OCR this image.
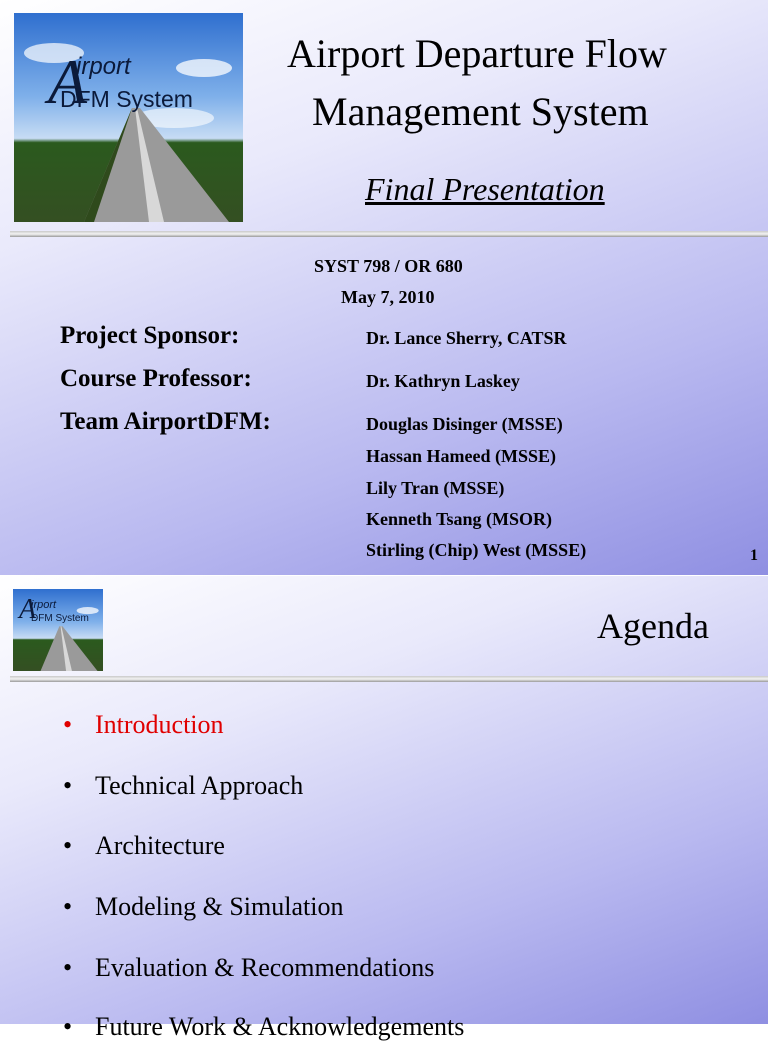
A
irport
DFM System
Airport Departure Flow
Management System
Final Presentation
SYST 798 / OR 680
May 7, 2010
Project Sponsor:	Dr. Lance Sherry, CATSR
Course Professor:	Dr. Kathryn Laskey
Team AirportDFM:	Douglas Disinger (MSSE)
Hassan Hameed (MSSE)
Lily Tran (MSSE)
Kenneth Tsang (MSOR)
Stirling (Chip) West (MSSE)	1
A
irport
DFM System	Agenda
• Introduction
• Technical Approach
• Architecture
• Modeling & Simulation
• Evaluation & Recommendations
• Future Work & Acknowledgements
